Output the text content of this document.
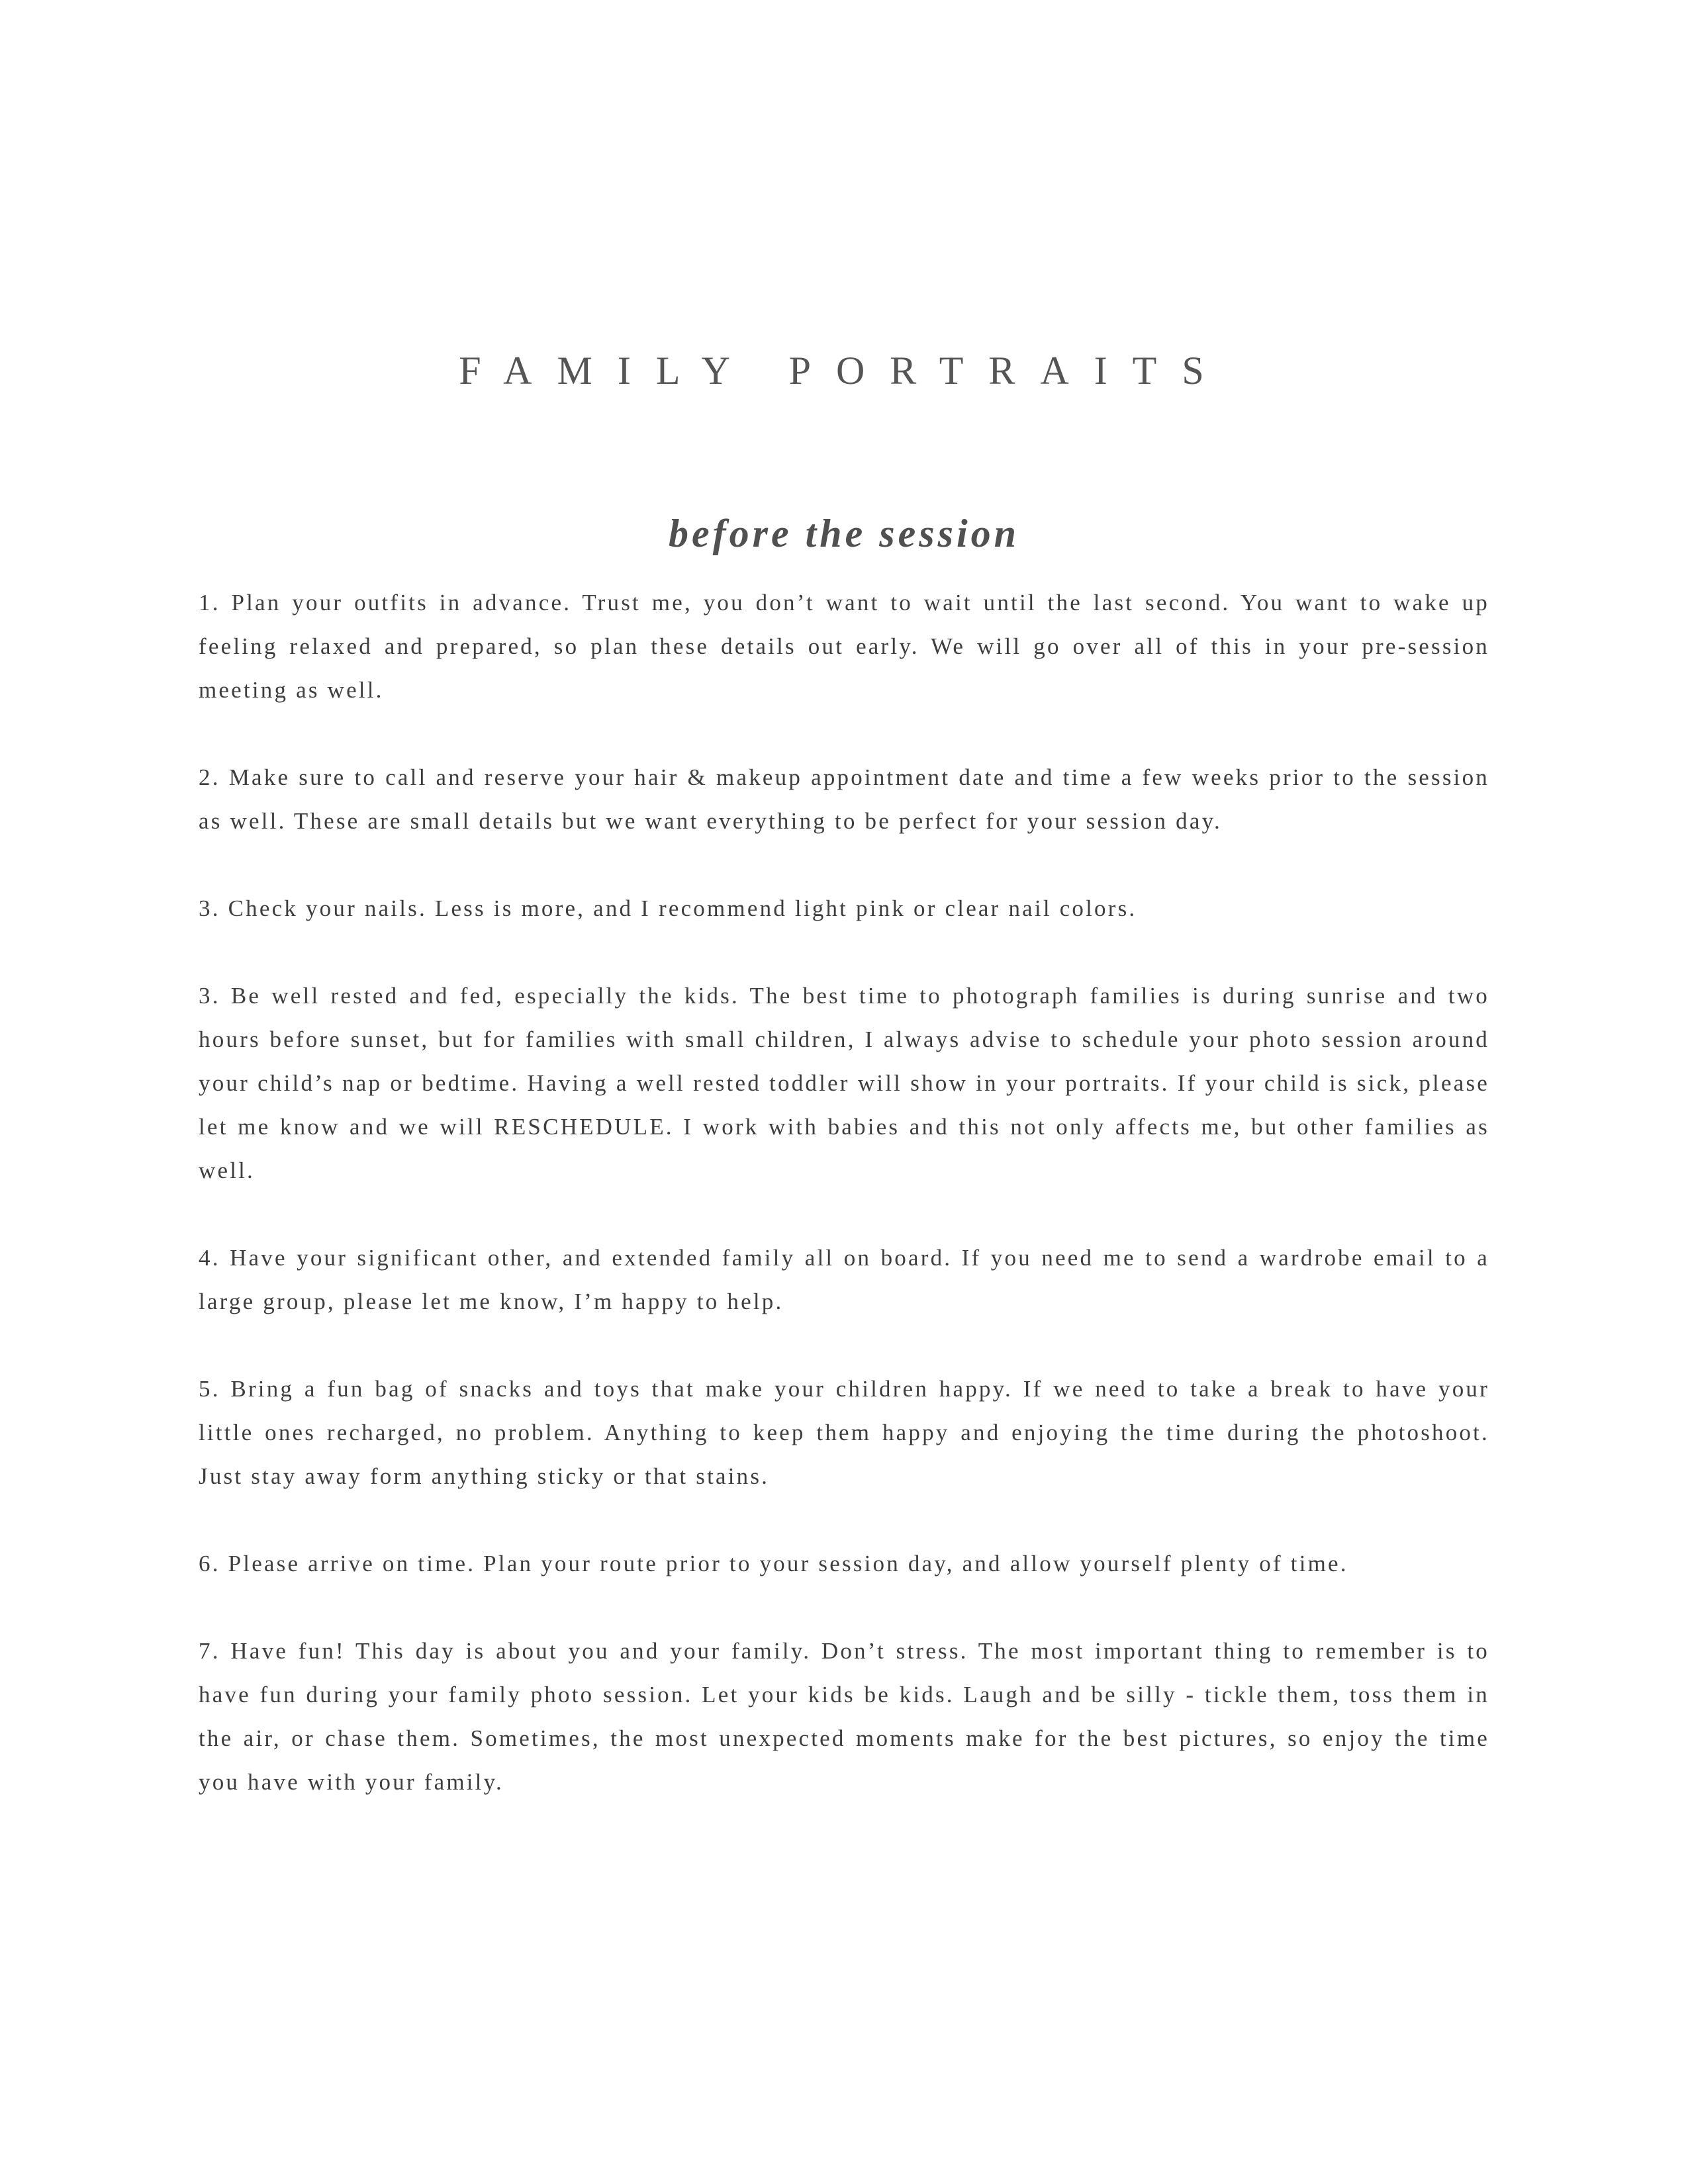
FAMILY PORTRAITS
before the session

1. Plan your outfits in advance. Trust me, you don’t want to wait until the last second. You want to wake up feeling relaxed and prepared, so plan these details out early. We will go over all of this in your pre-session meeting as well.

2. Make sure to call and reserve your hair & makeup appointment date and time a few weeks prior to the session as well. These are small details but we want everything to be perfect for your session day.

3. Check your nails. Less is more, and I recommend light pink or clear nail colors.

3. Be well rested and fed, especially the kids. The best time to photograph families is during sunrise and two hours before sunset, but for families with small children, I always advise to schedule your photo session around your child’s nap or bedtime. Having a well rested toddler will show in your portraits. If your child is sick, please let me know and we will RESCHEDULE. I work with babies and this not only affects me, but other families as well.

4. Have your significant other, and extended family all on board. If you need me to send a wardrobe email to a large group, please let me know, I’m happy to help.

5. Bring a fun bag of snacks and toys that make your children happy. If we need to take a break to have your little ones recharged, no problem. Anything to keep them happy and enjoying the time during the photoshoot. Just stay away form anything sticky or that stains.

6. Please arrive on time. Plan your route prior to your session day, and allow yourself plenty of time.

7. Have fun! This day is about you and your family. Don’t stress. The most important thing to remember is to have fun during your family photo session. Let your kids be kids. Laugh and be silly - tickle them, toss them in the air, or chase them. Sometimes, the most unexpected moments make for the best pictures, so enjoy the time you have with your family.
